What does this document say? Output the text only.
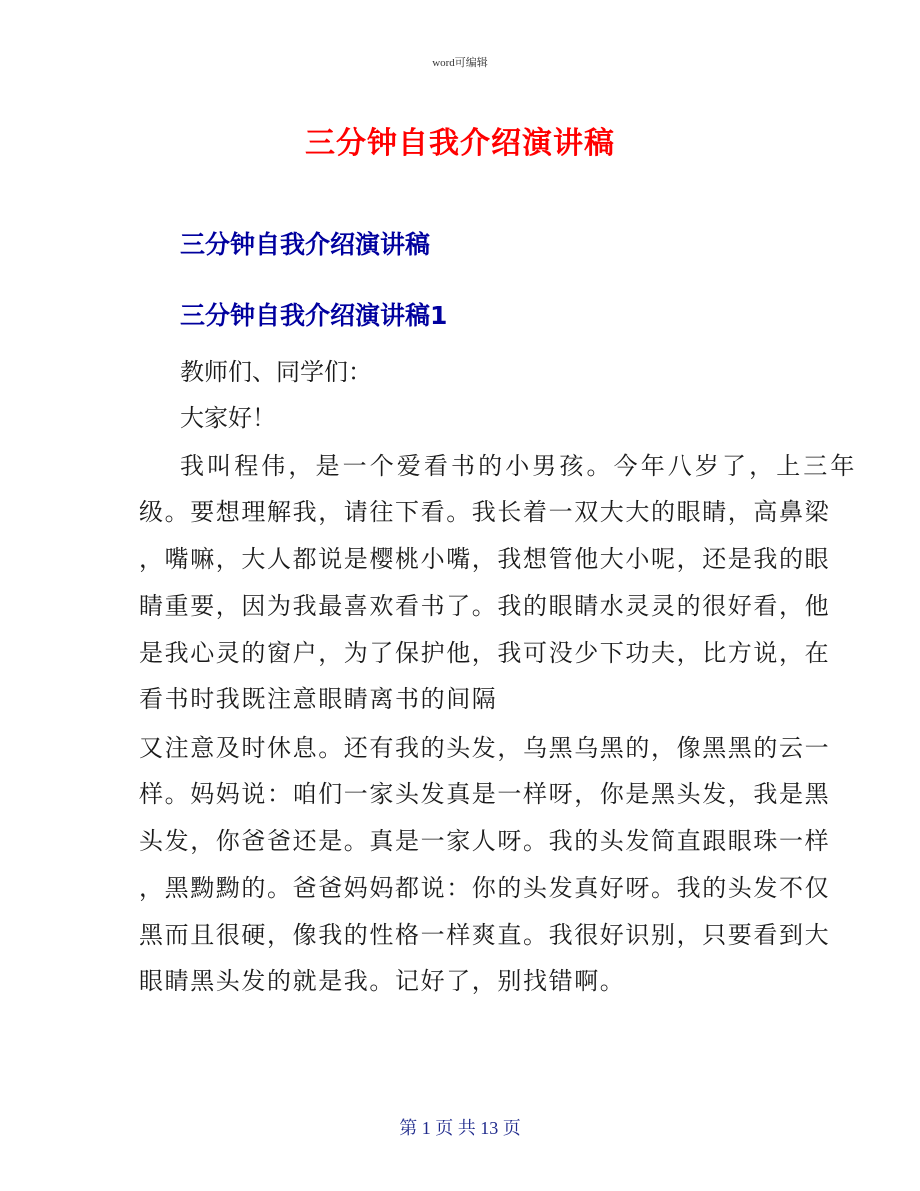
word可编辑
三分钟自我介绍演讲稿
三分钟自我介绍演讲稿
三分钟自我介绍演讲稿1
教师们、同学们：
大家好！
我叫程伟，是一个爱看书的小男孩。今年八岁了，上三年
级。要想理解我，请往下看。我长着一双大大的眼睛，高鼻梁
，嘴嘛，大人都说是樱桃小嘴，我想管他大小呢，还是我的眼
睛重要，因为我最喜欢看书了。我的眼睛水灵灵的很好看，他
是我心灵的窗户，为了保护他，我可没少下功夫，比方说，在
看书时我既注意眼睛离书的间隔
又注意及时休息。还有我的头发，乌黑乌黑的，像黑黑的云一
样。妈妈说：咱们一家头发真是一样呀，你是黑头发，我是黑
头发，你爸爸还是。真是一家人呀。我的头发简直跟眼珠一样
，黑黝黝的。爸爸妈妈都说：你的头发真好呀。我的头发不仅
黑而且很硬，像我的性格一样爽直。我很好识别，只要看到大
眼睛黑头发的就是我。记好了，别找错啊。
第 1 页 共 13 页
